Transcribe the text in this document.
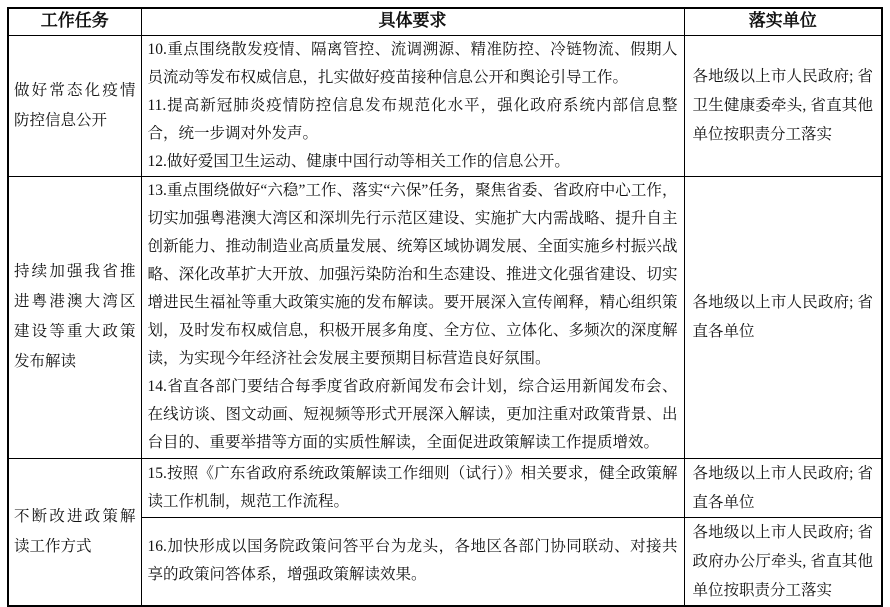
工作任务	具体要求	落实单位
做好常态化疫情防控信息公开	10.重点围绕散发疫情、隔离管控、流调溯源、精准防控、冷链物流、假期人员流动等发布权威信息，扎实做好疫苗接种信息公开和舆论引导工作。

11.提高新冠肺炎疫情防控信息发布规范化水平，强化政府系统内部信息整合，统一步调对外发声。

12.做好爱国卫生运动、健康中国行动等相关工作的信息公开。	各地级以上市人民政府; 省卫生健康委牵头, 省直其他单位按职责分工落实
持续加强我省推进粤港澳大湾区建设等重大政策发布解读	13.重点围绕做好“六稳”工作、落实“六保”任务，聚焦省委、省政府中心工作，切实加强粤港澳大湾区和深圳先行示范区建设、实施扩大内需战略、提升自主创新能力、推动制造业高质量发展、统筹区域协调发展、全面实施乡村振兴战略、深化改革扩大开放、加强污染防治和生态建设、推进文化强省建设、切实增进民生福祉等重大政策实施的发布解读。要开展深入宣传阐释，精心组织策划，及时发布权威信息，积极开展多角度、全方位、立体化、多频次的深度解读，为实现今年经济社会发展主要预期目标营造良好氛围。

14.省直各部门要结合每季度省政府新闻发布会计划，综合运用新闻发布会、在线访谈、图文动画、短视频等形式开展深入解读，更加注重对政策背景、出台目的、重要举措等方面的实质性解读，全面促进政策解读工作提质增效。	各地级以上市人民政府; 省直各单位
不断改进政策解读工作方式	15.按照《广东省政府系统政策解读工作细则（试行）》相关要求，健全政策解读工作机制，规范工作流程。	各地级以上市人民政府; 省直各单位

	16.加快形成以国务院政策问答平台为龙头，各地区各部门协同联动、对接共享的政策问答体系，增强政策解读效果。	各地级以上市人民政府; 省政府办公厅牵头, 省直其他单位按职责分工落实
